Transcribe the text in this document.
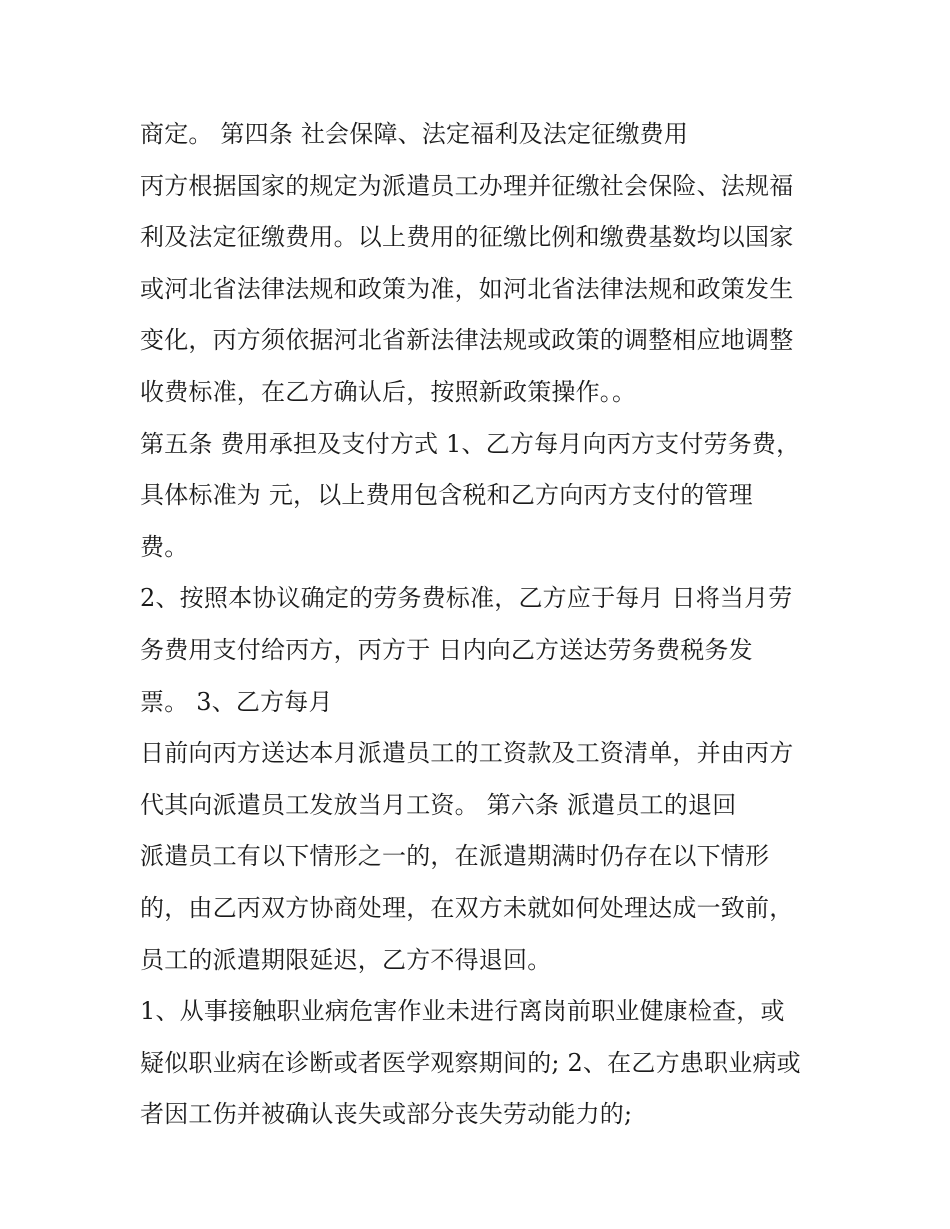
商定。 第四条 社会保障、法定福利及法定征缴费用
丙方根据国家的规定为派遣员工办理并征缴社会保险、法规福
利及法定征缴费用。以上费用的征缴比例和缴费基数均以国家
或河北省法律法规和政策为准，如河北省法律法规和政策发生
变化，丙方须依据河北省新法律法规或政策的调整相应地调整
收费标准，在乙方确认后，按照新政策操作。。
第五条 费用承担及支付方式 1、乙方每月向丙方支付劳务费，
具体标准为 元，以上费用包含税和乙方向丙方支付的管理
费。
2、按照本协议确定的劳务费标准，乙方应于每月 日将当月劳
务费用支付给丙方，丙方于 日内向乙方送达劳务费税务发
票。 3、乙方每月
日前向丙方送达本月派遣员工的工资款及工资清单，并由丙方
代其向派遣员工发放当月工资。 第六条 派遣员工的退回
派遣员工有以下情形之一的，在派遣期满时仍存在以下情形
的，由乙丙双方协商处理，在双方未就如何处理达成一致前，
员工的派遣期限延迟，乙方不得退回。
1、从事接触职业病危害作业未进行离岗前职业健康检查，或
疑似职业病在诊断或者医学观察期间的; 2、在乙方患职业病或
者因工伤并被确认丧失或部分丧失劳动能力的;
